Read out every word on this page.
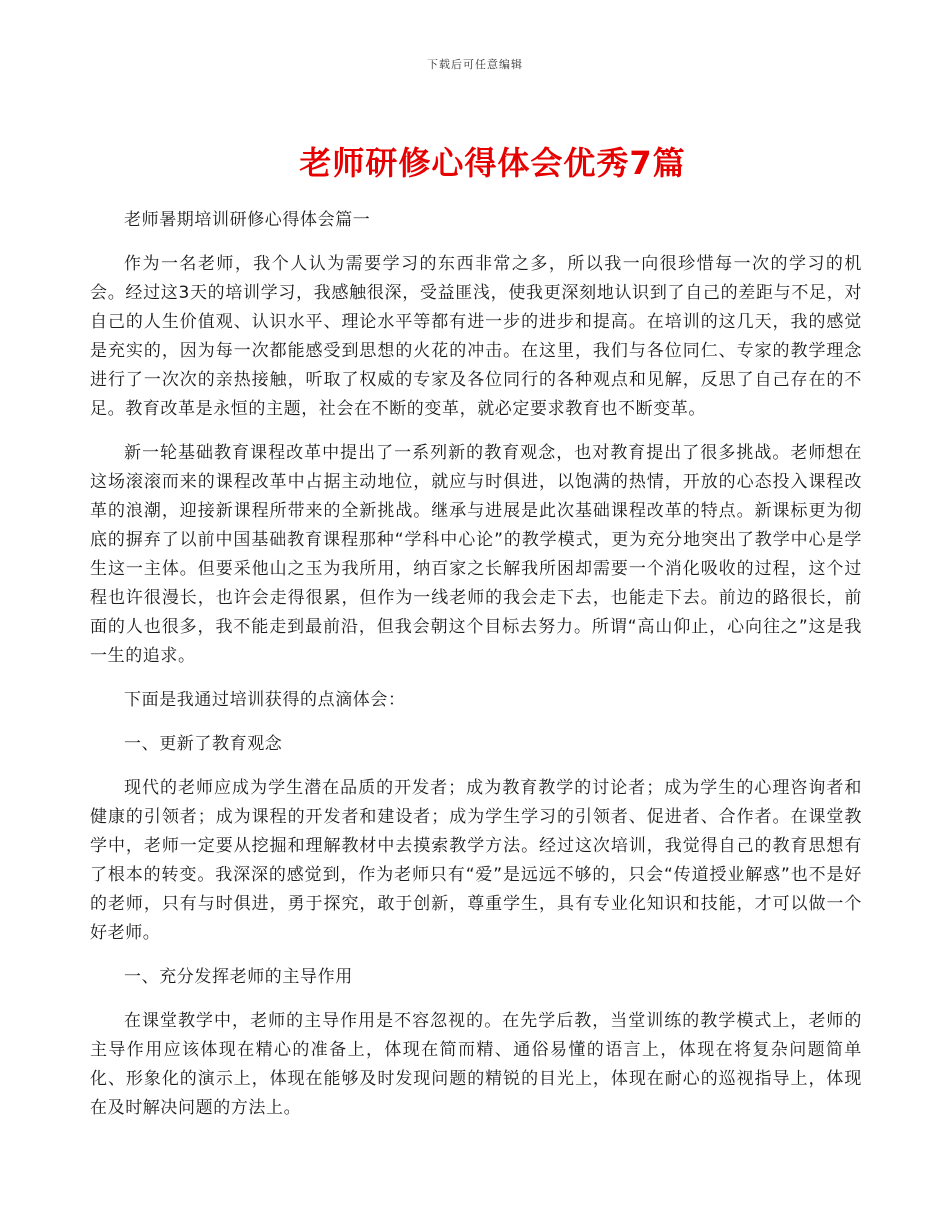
下载后可任意编辑
老师研修心得体会优秀7篇

老师暑期培训研修心得体会篇一

作为一名老师，我个人认为需要学习的东西非常之多，所以我一向很珍惜每一次的学习的机会。经过这3天的培训学习，我感触很深，受益匪浅，使我更深刻地认识到了自己的差距与不足，对自己的人生价值观、认识水平、理论水平等都有进一步的进步和提高。在培训的这几天，我的感觉是充实的，因为每一次都能感受到思想的火花的冲击。在这里，我们与各位同仁、专家的教学理念进行了一次次的亲热接触，听取了权威的专家及各位同行的各种观点和见解，反思了自己存在的不足。教育改革是永恒的主题，社会在不断的变革，就必定要求教育也不断变革。

新一轮基础教育课程改革中提出了一系列新的教育观念，也对教育提出了很多挑战。老师想在这场滚滚而来的课程改革中占据主动地位，就应与时俱进，以饱满的热情，开放的心态投入课程改革的浪潮，迎接新课程所带来的全新挑战。继承与进展是此次基础课程改革的特点。新课标更为彻底的摒弃了以前中国基础教育课程那种“学科中心论”的教学模式，更为充分地突出了教学中心是学生这一主体。但要采他山之玉为我所用，纳百家之长解我所困却需要一个消化吸收的过程，这个过程也许很漫长，也许会走得很累，但作为一线老师的我会走下去，也能走下去。前边的路很长，前面的人也很多，我不能走到最前沿，但我会朝这个目标去努力。所谓“高山仰止，心向往之”这是我一生的追求。

下面是我通过培训获得的点滴体会：

一、更新了教育观念

现代的老师应成为学生潜在品质的开发者；成为教育教学的讨论者；成为学生的心理咨询者和健康的引领者；成为课程的开发者和建设者；成为学生学习的引领者、促进者、合作者。在课堂教学中，老师一定要从挖掘和理解教材中去摸索教学方法。经过这次培训，我觉得自己的教育思想有了根本的转变。我深深的感觉到，作为老师只有“爱”是远远不够的，只会“传道授业解惑”也不是好的老师，只有与时俱进，勇于探究，敢于创新，尊重学生，具有专业化知识和技能，才可以做一个好老师。

一、充分发挥老师的主导作用

在课堂教学中，老师的主导作用是不容忽视的。在先学后教，当堂训练的教学模式上，老师的主导作用应该体现在精心的准备上，体现在简而精、通俗易懂的语言上，体现在将复杂问题简单化、形象化的演示上，体现在能够及时发现问题的精锐的目光上，体现在耐心的巡视指导上，体现在及时解决问题的方法上。
